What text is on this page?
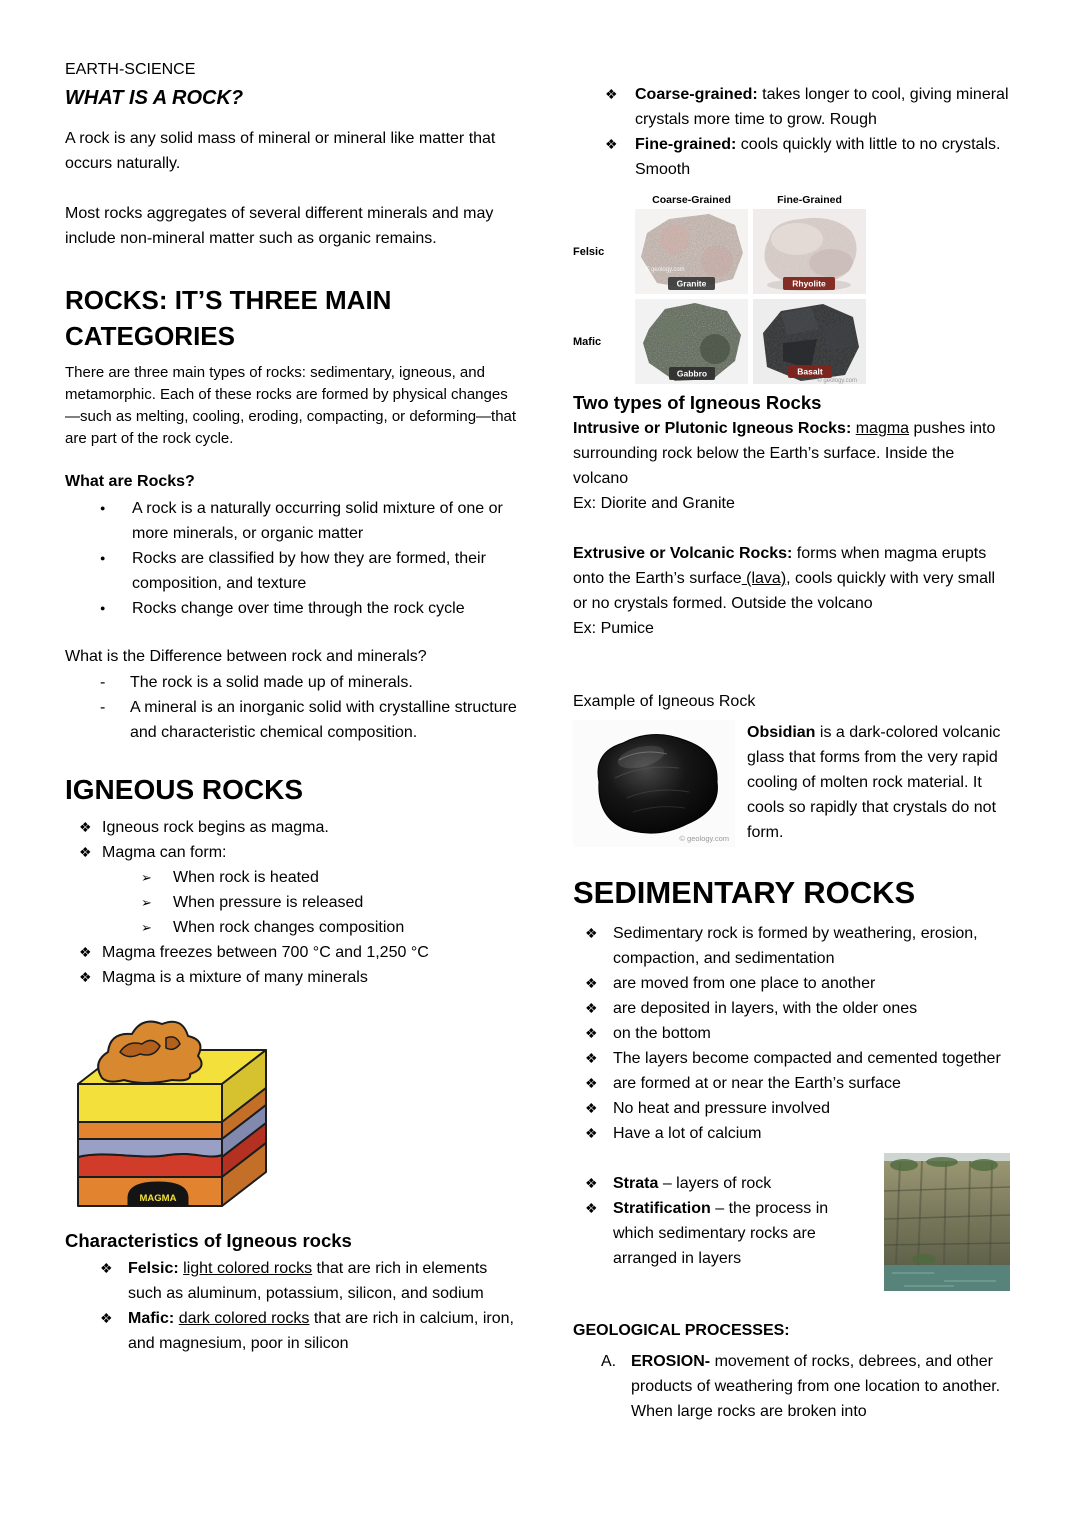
EARTH-SCIENCE
WHAT IS A ROCK?

A rock is any solid mass of mineral or mineral like matter that occurs naturally.

Most rocks aggregates of several different minerals and may include non-mineral matter such as organic remains.

ROCKS: IT’S THREE MAIN CATEGORIES

There are three main types of rocks: sedimentary, igneous, and metamorphic. Each of these rocks are formed by physical changes—such as melting, cooling, eroding, compacting, or deforming—that are part of the rock cycle.

What are Rocks?
●
A rock is a naturally occurring solid mixture of one or more minerals, or organic matter
●
Rocks are classified by how they are formed, their composition, and texture
●
Rocks change over time through the rock cycle

What is the Difference between rock and minerals?

-
The rock is a solid made up of minerals.
-
A mineral is an inorganic solid with crystalline structure and characteristic chemical composition.
IGNEOUS ROCKS
❖
Igneous rock begins as magma.
❖
Magma can form:
➢
When rock is heated
➢
When pressure is released
➢
When rock changes composition
❖
Magma freezes between 700 °C and 1,250 °C
❖
Magma is a mixture of many minerals
MAGMA
Characteristics of Igneous rocks
❖
Felsic: light colored rocks that are rich in elements such as aluminum, potassium, silicon, and sodium
❖
Mafic: dark colored rocks that are rich in calcium, iron, and magnesium, poor in silicon
❖
Coarse-grained: takes longer to cool, giving mineral crystals more time to grow. Rough
❖
Fine-grained: cools quickly with little to no crystals. Smooth
Coarse-Grained	Fine-Grained
Felsic
© geology.com
Granite	Rhyolite
Mafic
Gabbro
© geology.com
Basalt
Two types of Igneous Rocks

Intrusive or Plutonic Igneous Rocks: magma pushes into surrounding rock below the Earth’s surface. Inside the volcano

Ex: Diorite and Granite

Extrusive or Volcanic Rocks: forms when magma erupts onto the Earth’s surface (lava), cools quickly with very small or no crystals formed. Outside the volcano

Ex: Pumice

Example of Igneous Rock

© geology.com
Obsidian is a dark-colored volcanic glass that forms from the very rapid cooling of molten rock material. It cools so rapidly that crystals do not form.
SEDIMENTARY ROCKS
❖
Sedimentary rock is formed by weathering, erosion, compaction, and sedimentation
❖
are moved from one place to another
❖
are deposited in layers, with the older ones
❖
on the bottom
❖
The layers become compacted and cemented together
❖
are formed at or near the Earth’s surface
❖
No heat and pressure involved
❖
Have a lot of calcium
❖
Strata – layers of rock
❖
Stratification – the process in which sedimentary rocks are arranged in layers
GEOLOGICAL PROCESSES:
A. EROSION- movement of rocks, debrees, and other products of weathering from one location to another. When large rocks are broken into
